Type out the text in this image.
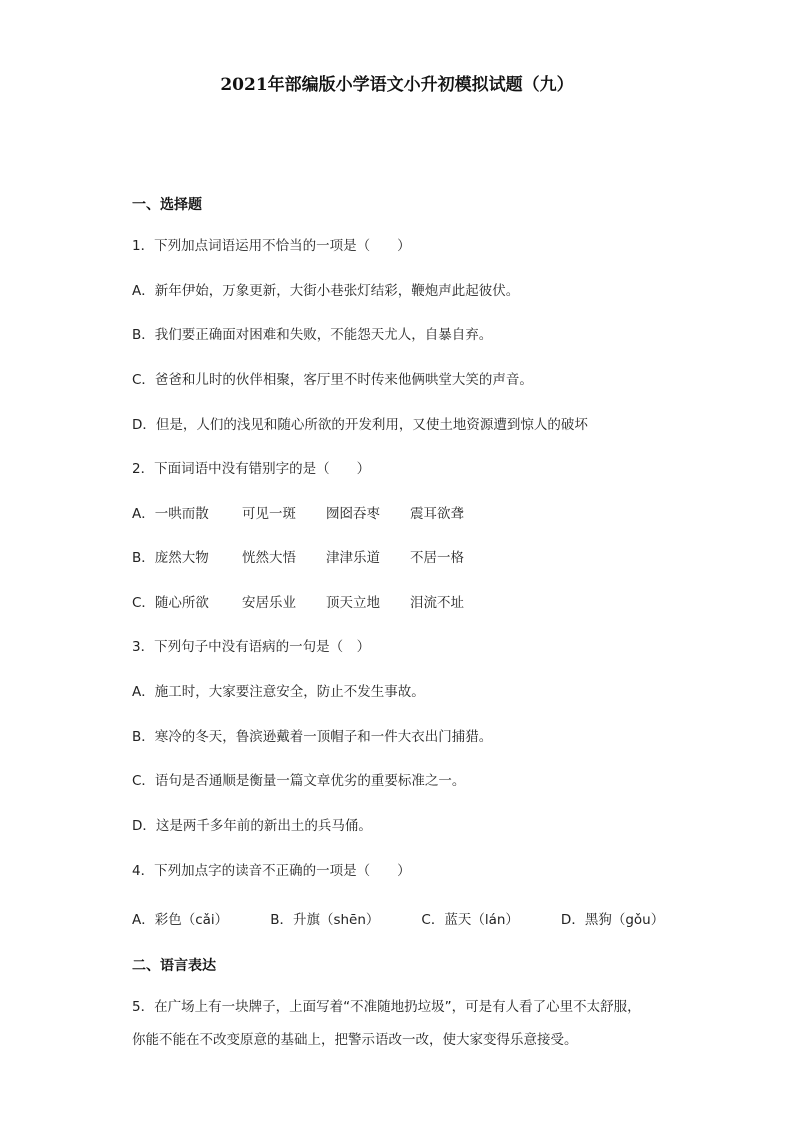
2021年部编版小学语文小升初模拟试题（九）
一、选择题
1．下列加点词语运用不恰当的一项是（　　）
A．新年伊始，万象更新，大街小巷张灯结彩，鞭炮声此起彼伏。
B．我们要正确面对困难和失败，不能怨天尤人，自暴自弃。
C．爸爸和儿时的伙伴相聚，客厅里不时传来他俩哄堂大笑的声音。
D．但是，人们的浅见和随心所欲的开发利用，又使土地资源遭到惊人的破坏
2．下面词语中没有错别字的是（　　）
A．一哄而散 可见一斑 囫囵吞枣 震耳欲聋
B．庞然大物 恍然大悟 津津乐道 不居一格
C．随心所欲 安居乐业 顶天立地 泪流不址
3．下列句子中没有语病的一句是（　）
A．施工时，大家要注意安全，防止不发生事故。
B．寒冷的冬天，鲁滨逊戴着一顶帽子和一件大衣出门捕猎。
C．语句是否通顺是衡量一篇文章优劣的重要标准之一。
D．这是两千多年前的新出土的兵马俑。
4．下列加点字的读音不正确的一项是（　　）
A．彩色（cǎi）	B．升旗（shēn）	C．蓝天（lán）	D．黑狗（gǒu）
二、语言表达
5．在广场上有一块牌子，上面写着“不准随地扔垃圾”，可是有人看了心里不太舒服，
你能不能在不改变原意的基础上，把警示语改一改，使大家变得乐意接受。
